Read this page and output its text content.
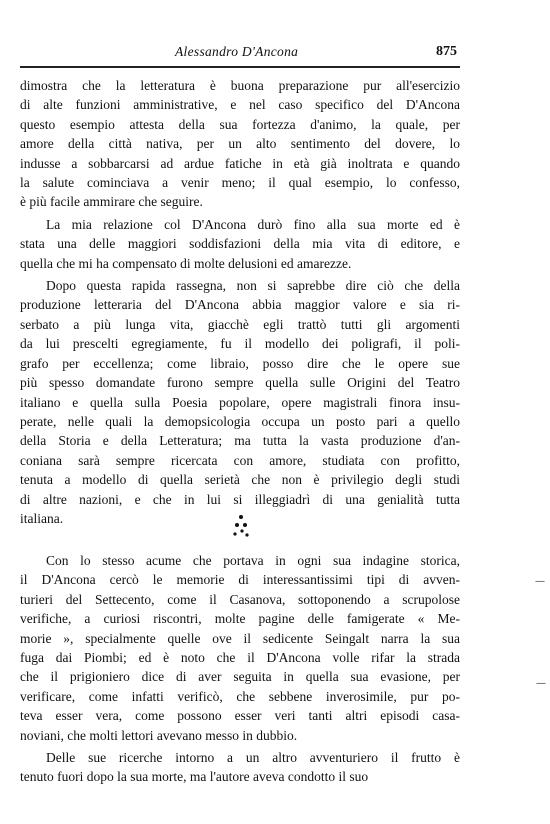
Alessandro D'Ancona	875

dimostra che la letteratura è buona preparazione pur all'esercizio
di alte funzioni amministrative, e nel caso specifico del D'Ancona
questo esempio attesta della sua fortezza d'animo, la quale, per
amore della città nativa, per un alto sentimento del dovere, lo
indusse a sobbarcarsi ad ardue fatiche in età già inoltrata e quando
la salute cominciava a venir meno; il qual esempio, lo confesso,
è più facile ammirare che seguire.

La mia relazione col D'Ancona durò fino alla sua morte ed è
stata una delle maggiori soddisfazioni della mia vita di editore, e
quella che mi ha compensato di molte delusioni ed amarezze.

Dopo questa rapida rassegna, non si saprebbe dire ciò che della
produzione letteraria del D'Ancona abbia maggior valore e sia ri-
serbato a più lunga vita, giacchè egli trattò tutti gli argomenti
da lui prescelti egregiamente, fu il modello dei poligrafi, il poli-
grafo per eccellenza; come libraio, posso dire che le opere sue
più spesso domandate furono sempre quella sulle Origini del Teatro
italiano e quella sulla Poesia popolare, opere magistrali finora insu-
perate, nelle quali la demopsicologia occupa un posto pari a quello
della Storia e della Letteratura; ma tutta la vasta produzione d'an-
coniana sarà sempre ricercata con amore, studiata con profitto,
tenuta a modello di quella serietà che non è privilegio degli studi
di altre nazioni, e che in lui si illeggiadrì di una genialità tutta
italiana.

Con lo stesso acume che portava in ogni sua indagine storica,
il D'Ancona cercò le memorie di interessantissimi tipi di avven-
turieri del Settecento, come il Casanova, sottoponendo a scrupolose
verifiche, a curiosi riscontri, molte pagine delle famigerate « Me-
morie », specialmente quelle ove il sedicente Seingalt narra la sua
fuga dai Piombi; ed è noto che il D'Ancona volle rifar la strada
che il prigioniero dice di aver seguita in quella sua evasione, per
verificare, come infatti verificò, che sebbene inverosimile, pur po-
teva esser vera, come possono esser veri tanti altri episodi casa-
noviani, che molti lettori avevano messo in dubbio.

Delle sue ricerche intorno a un altro avventuriero il frutto è
tenuto fuori dopo la sua morte, ma l'autore aveva condotto il suo

—
—
